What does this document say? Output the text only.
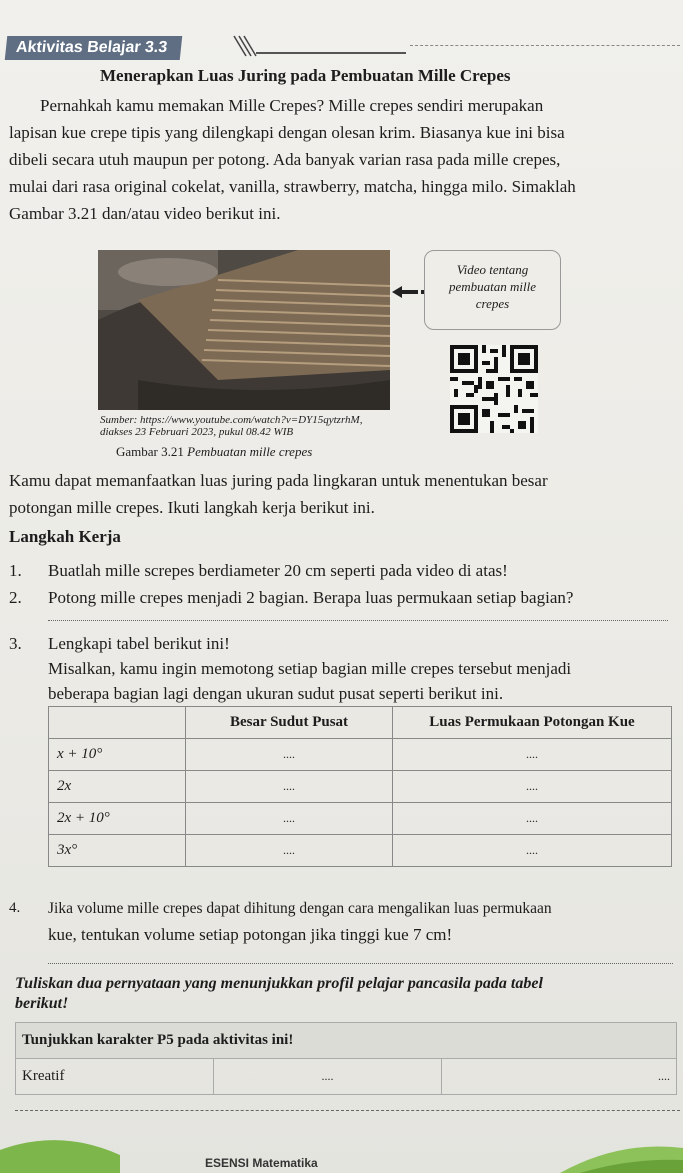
Aktivitas Belajar 3.3
Menerapkan Luas Juring pada Pembuatan Mille Crepes
Pernahkah kamu memakan Mille Crepes? Mille crepes sendiri merupakan
lapisan kue crepe tipis yang dilengkapi dengan olesan krim. Biasanya kue ini bisa
dibeli secara utuh maupun per potong. Ada banyak varian rasa pada mille crepes,
mulai dari rasa original cokelat, vanilla, strawberry, matcha, hingga milo. Simaklah
Gambar 3.21 dan/atau video berikut ini.
Video tentang
pembuatan mille
crepes
Sumber: https://www.youtube.com/watch?v=DY15qytzrhM,
diakses 23 Februari 2023, pukul 08.42 WIB
Gambar 3.21 Pembuatan mille crepes
Kamu dapat memanfaatkan luas juring pada lingkaran untuk menentukan besar
potongan mille crepes. Ikuti langkah kerja berikut ini.
Langkah Kerja
1. Buatlah mille screpes berdiameter 20 cm seperti pada video di atas!
2. Potong mille crepes menjadi 2 bagian. Berapa luas permukaan setiap bagian?
3. Lengkapi tabel berikut ini!
Misalkan, kamu ingin memotong setiap bagian mille crepes tersebut menjadi
beberapa bagian lagi dengan ukuran sudut pusat seperti berikut ini.
	Besar Sudut Pusat	Luas Permukaan Potongan Kue
x + 10°	....	....
2x	....	....
2x + 10°	....	....
3x°	....	....
4. Jika volume mille crepes dapat dihitung dengan cara mengalikan luas permukaan
kue, tentukan volume setiap potongan jika tinggi kue 7 cm!
Tuliskan dua pernyataan yang menunjukkan profil pelajar pancasila pada tabel
berikut!
Tunjukkan karakter P5 pada aktivitas ini!
Kreatif	....	....
ESENSI Matematika
